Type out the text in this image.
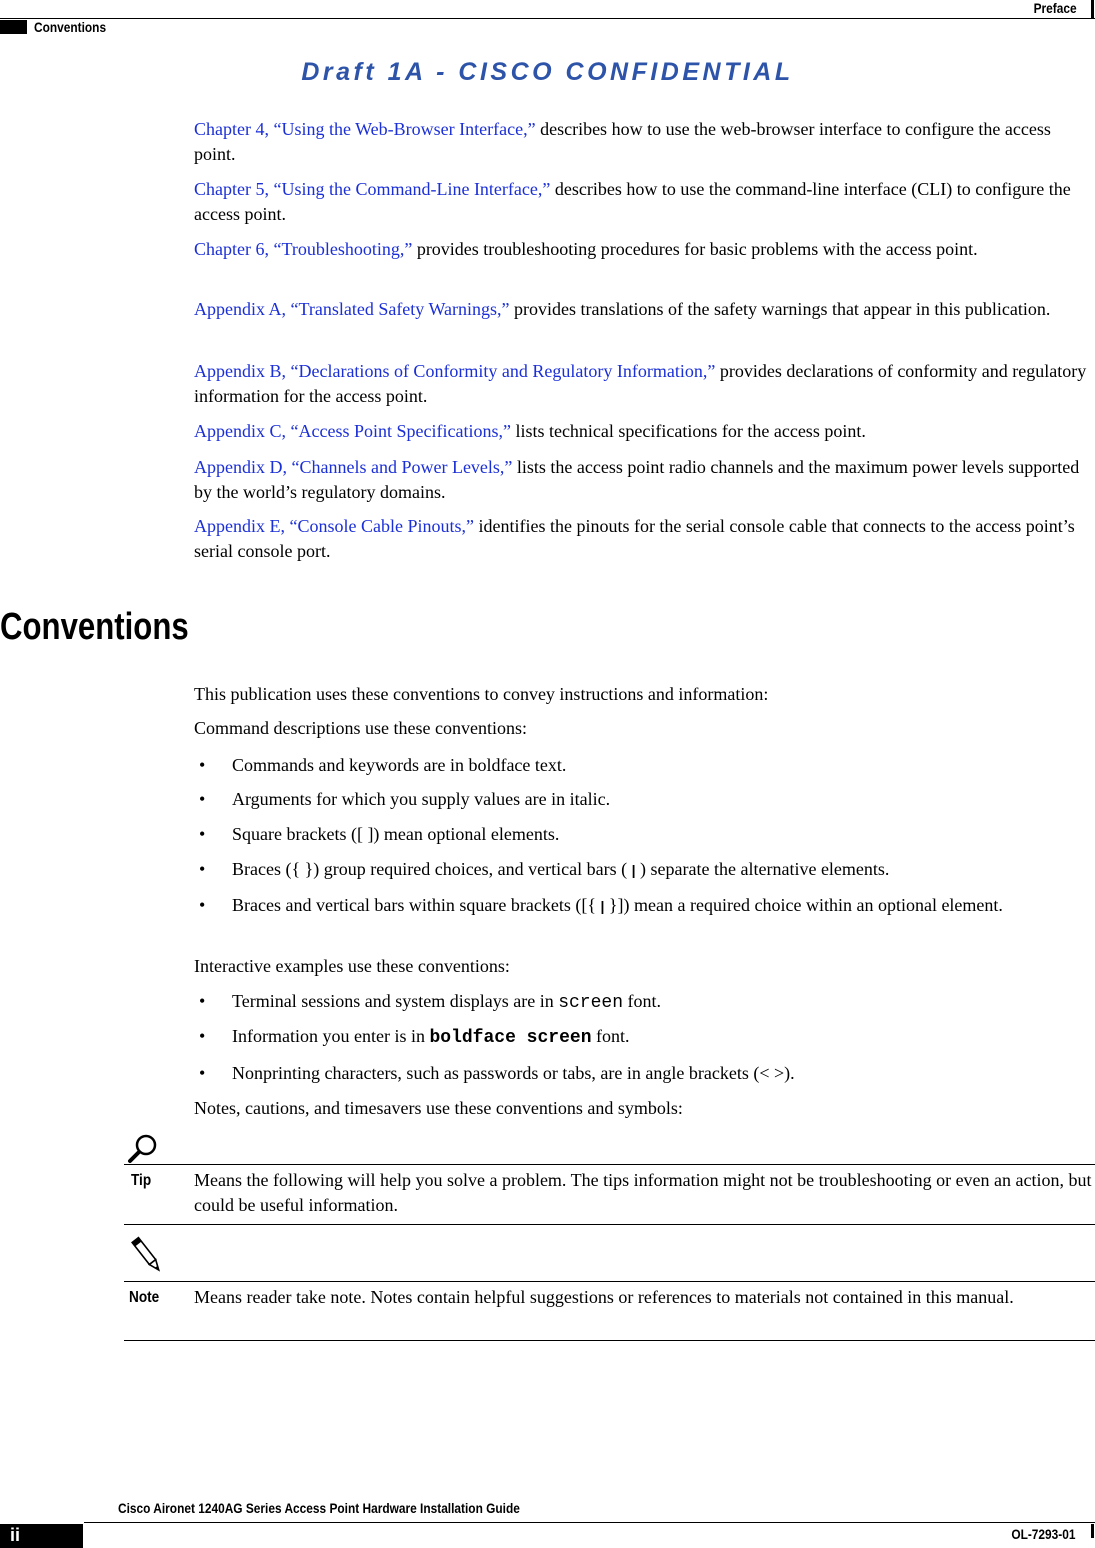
Preface
Conventions
Draft 1A - CISCO CONFIDENTIAL
Chapter 4, “Using the Web-Browser Interface,” describes how to use the web-browser interface to configure the access point.
Chapter 5, “Using the Command-Line Interface,” describes how to use the command-line interface (CLI) to configure the access point.
Chapter 6, “Troubleshooting,” provides troubleshooting procedures for basic problems with the access point.
Appendix A, “Translated Safety Warnings,” provides translations of the safety warnings that appear in this publication.
Appendix B, “Declarations of Conformity and Regulatory Information,” provides declarations of conformity and regulatory information for the access point.
Appendix C, “Access Point Specifications,” lists technical specifications for the access point.
Appendix D, “Channels and Power Levels,” lists the access point radio channels and the maximum power levels supported by the world’s regulatory domains.
Appendix E, “Console Cable Pinouts,” identifies the pinouts for the serial console cable that connects to the access point’s serial console port.
Conventions
This publication uses these conventions to convey instructions and information:
Command descriptions use these conventions:
• Commands and keywords are in boldface text.
• Arguments for which you supply values are in italic.
• Square brackets ([ ]) mean optional elements.
• Braces ({ }) group required choices, and vertical bars ( | ) separate the alternative elements.
• Braces and vertical bars within square brackets ([{ | }]) mean a required choice within an optional element.
Interactive examples use these conventions:
• Terminal sessions and system displays are in screen font.
• Information you enter is in boldface screen font.
• Nonprinting characters, such as passwords or tabs, are in angle brackets (< >).
Notes, cautions, and timesavers use these conventions and symbols:
Tip Means the following will help you solve a problem. The tips information might not be troubleshooting or even an action, but could be useful information.
Note Means reader take note. Notes contain helpful suggestions or references to materials not contained in this manual.
Cisco Aironet 1240AG Series Access Point Hardware Installation Guide
ii	OL-7293-01
